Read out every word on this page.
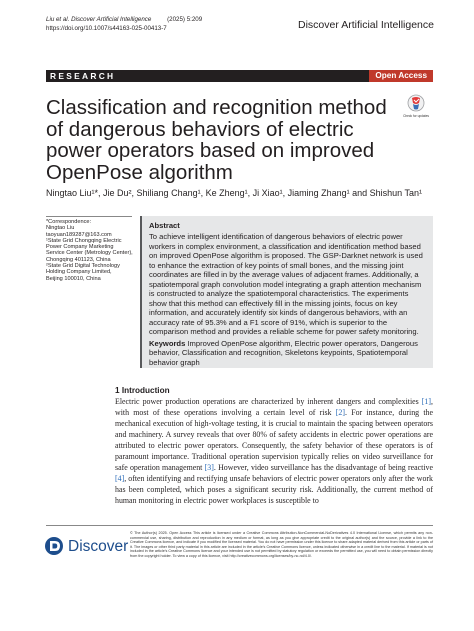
Liu et al. Discover Artificial Intelligence	(2025) 5:209
https://doi.org/10.1007/s44163-025-00413-7	Discover Artificial Intelligence
RESEARCH	Open Access
Classification and recognition method of dangerous behaviors of electric power operators based on improved OpenPose algorithm
Check for updates
Ningtao Liu¹*, Jie Du², Shiliang Chang¹, Ke Zheng¹, Ji Xiao¹, Jiaming Zhang¹ and Shishun Tan¹
*Correspondence:
Ningtao Liu
taoyuan189287@163.com
¹State Grid Chongqing Electric
Power Company Marketing
Service Center (Metrology Center),
Chongqing 401123, China
²State Grid Digital Technology
Holding Company Limited,
Beijing 100010, China
Abstract
To achieve intelligent identification of dangerous behaviors of electric power workers in complex environment, a classification and identification method based on improved OpenPose algorithm is proposed. The GSP-Darknet network is used to enhance the extraction of key points of small bones, and the missing joint coordinates are filled in by the average values of adjacent frames. Additionally, a spatiotemporal graph convolution model integrating a graph attention mechanism is constructed to analyze the spatiotemporal characteristics. The experiments show that this method can effectively fill in the missing joints, focus on key information, and accurately identify six kinds of dangerous behaviors, with an accuracy rate of 95.3% and a F1 score of 91%, which is superior to the comparison method and provides a reliable scheme for power safety monitoring.
Keywords Improved OpenPose algorithm, Electric power operators, Dangerous behavior, Classification and recognition, Skeletons keypoints, Spatiotemporal behavior graph
1 Introduction
Electric power production operations are characterized by inherent dangers and complexities [1], with most of these operations involving a certain level of risk [2]. For instance, during the mechanical execution of high-voltage testing, it is crucial to maintain the spacing between operators and machinery. A survey reveals that over 80% of safety accidents in electric power operations are attributed to electric power operators. Consequently, the safety behavior of these operators is of paramount importance. Traditional operation supervision typically relies on video surveillance for safe operation management [3]. However, video surveillance has the disadvantage of being reactive [4], often identifying and rectifying unsafe behaviors of electric power operators only after the work has been completed, which poses a significant security risk. Additionally, the current method of human monitoring in electric power workplaces is susceptible to
Discover
© The Author(s) 2025. Open Access This article is licensed under a Creative Commons Attribution-NonCommercial-NoDerivatives 4.0 International License, which permits any non-commercial use, sharing, distribution and reproduction in any medium or format, as long as you give appropriate credit to the original author(s) and the source, provide a link to the Creative Commons licence, and indicate if you modified the licensed material. You do not have permission under this licence to share adapted material derived from this article or parts of it. The images or other third party material in this article are included in the article's Creative Commons licence, unless indicated otherwise in a credit line to the material. If material is not included in the article's Creative Commons licence and your intended use is not permitted by statutory regulation or exceeds the permitted use, you will need to obtain permission directly from the copyright holder. To view a copy of this licence, visit http://creativecommons.org/licenses/by-nc-nd/4.0/.
